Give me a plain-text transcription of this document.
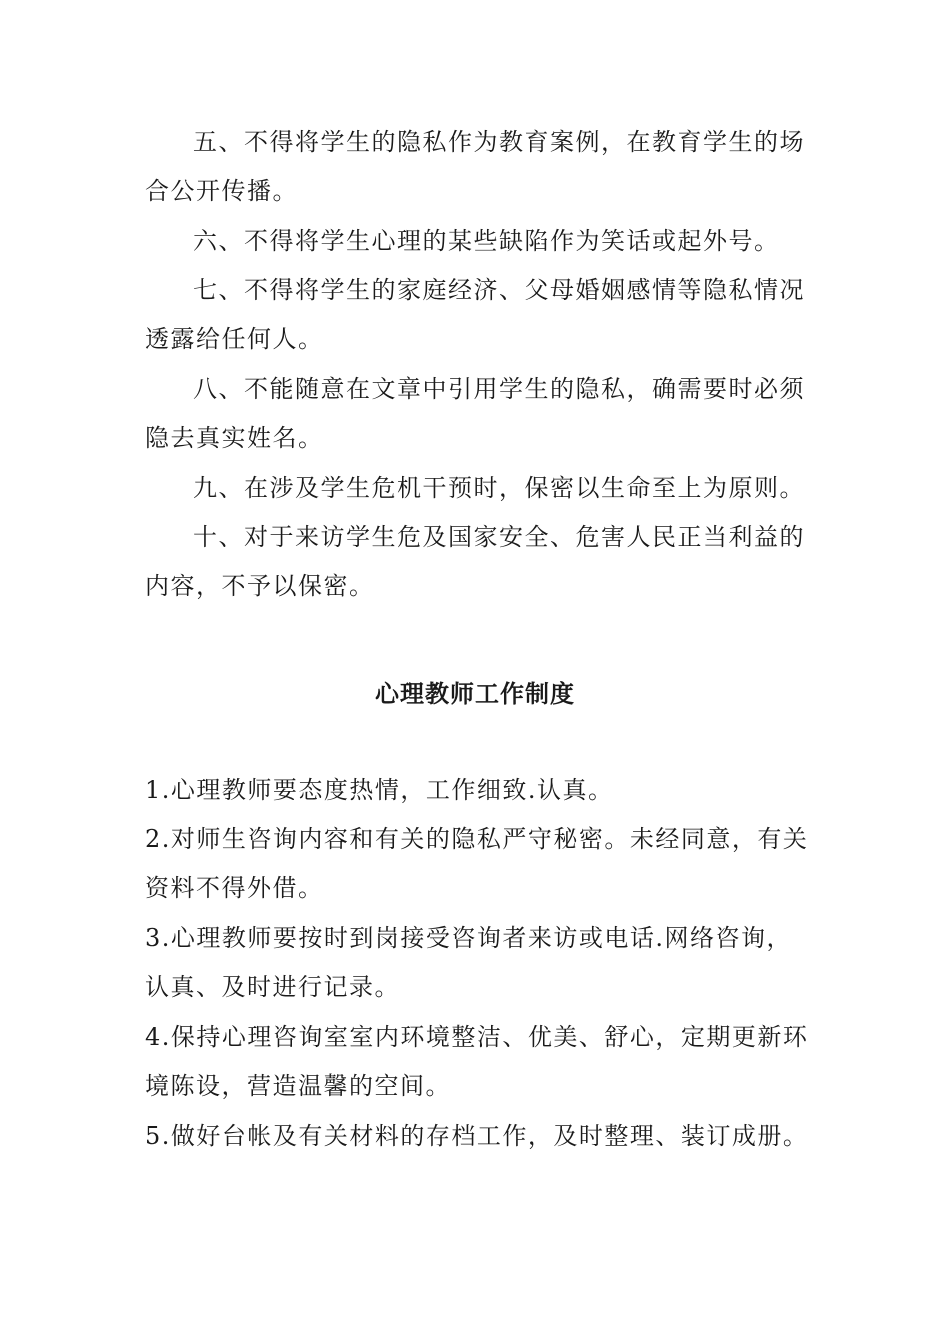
五、不得将学生的隐私作为教育案例，在教育学生的场合公开传播。

六、不得将学生心理的某些缺陷作为笑话或起外号。

七、不得将学生的家庭经济、父母婚姻感情等隐私情况透露给任何人。

八、不能随意在文章中引用学生的隐私，确需要时必须隐去真实姓名。

九、在涉及学生危机干预时，保密以生命至上为原则。

十、对于来访学生危及国家安全、危害人民正当利益的内容，不予以保密。

心理教师工作制度

1.心理教师要态度热情，工作细致.认真。

2.对师生咨询内容和有关的隐私严守秘密。未经同意，有关资料不得外借。

3.心理教师要按时到岗接受咨询者来访或电话.网络咨询，认真、及时进行记录。

4.保持心理咨询室室内环境整洁、优美、舒心，定期更新环境陈设，营造温馨的空间。

5.做好台帐及有关材料的存档工作，及时整理、装订成册。
